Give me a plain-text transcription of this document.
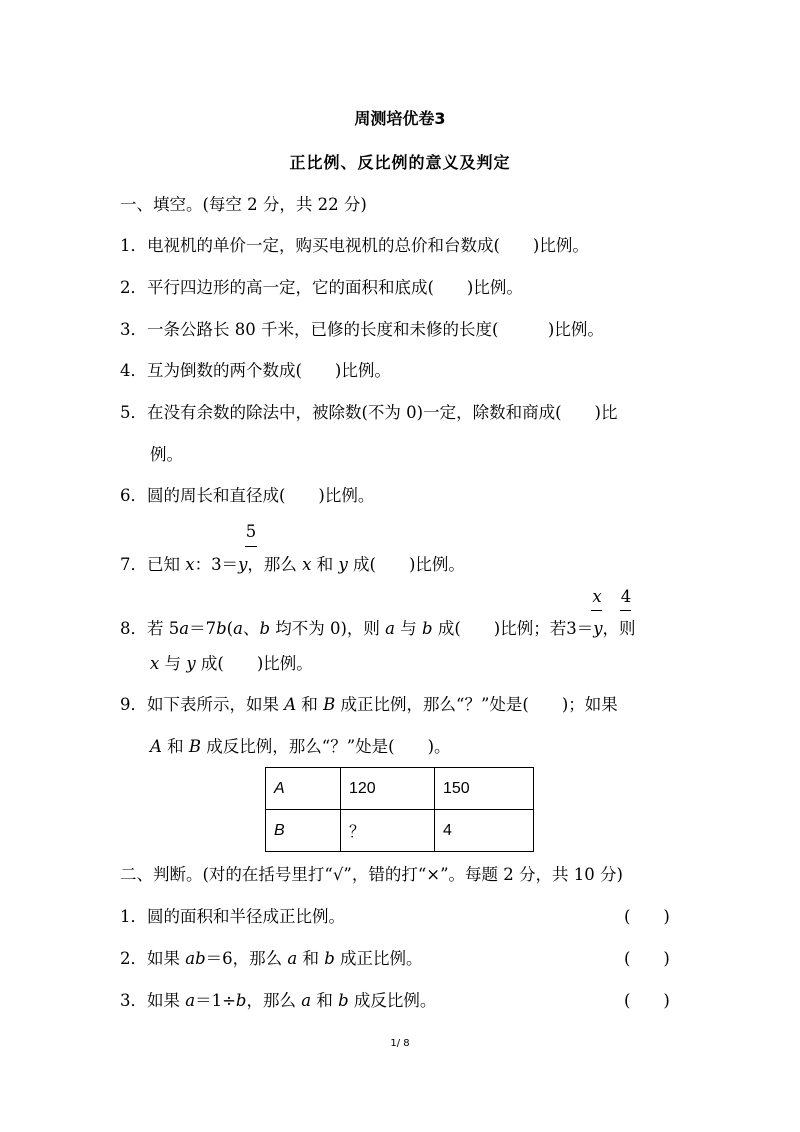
周测培优卷3
正比例、反比例的意义及判定
一、填空。(每空 2 分，共 22 分)
1．电视机的单价一定，购买电视机的总价和台数成(　　)比例。
2．平行四边形的高一定，它的面积和底成(　　)比例。
3．一条公路长 80 千米，已修的长度和未修的长度(　　　)比例。
4．互为倒数的两个数成(　　)比例。
5．在没有余数的除法中，被除数(不为 0)一定，除数和商成(　　)比
例。
6．圆的周长和直径成(　　)比例。
5
7．已知 x：3＝y，那么 x 和 y 成(　　)比例。
x 4
8．若 5a＝7b(a、b 均不为 0)，则 a 与 b 成(　　)比例；若3＝y，则
x 与 y 成(　　)比例。
9．如下表所示，如果 A 和 B 成正比例，那么“？”处是(　　)；如果
A 和 B 成反比例，那么“？”处是(　　)。
A	120	150
B	？	4
二、判断。(对的在括号里打“√”，错的打“×”。每题 2 分，共 10 分)
1．圆的面积和半径成正比例。	(　　)
2．如果 ab＝6，那么 a 和 b 成正比例。	(　　)
3．如果 a＝1÷b，那么 a 和 b 成反比例。	(　　)
1/ 8
